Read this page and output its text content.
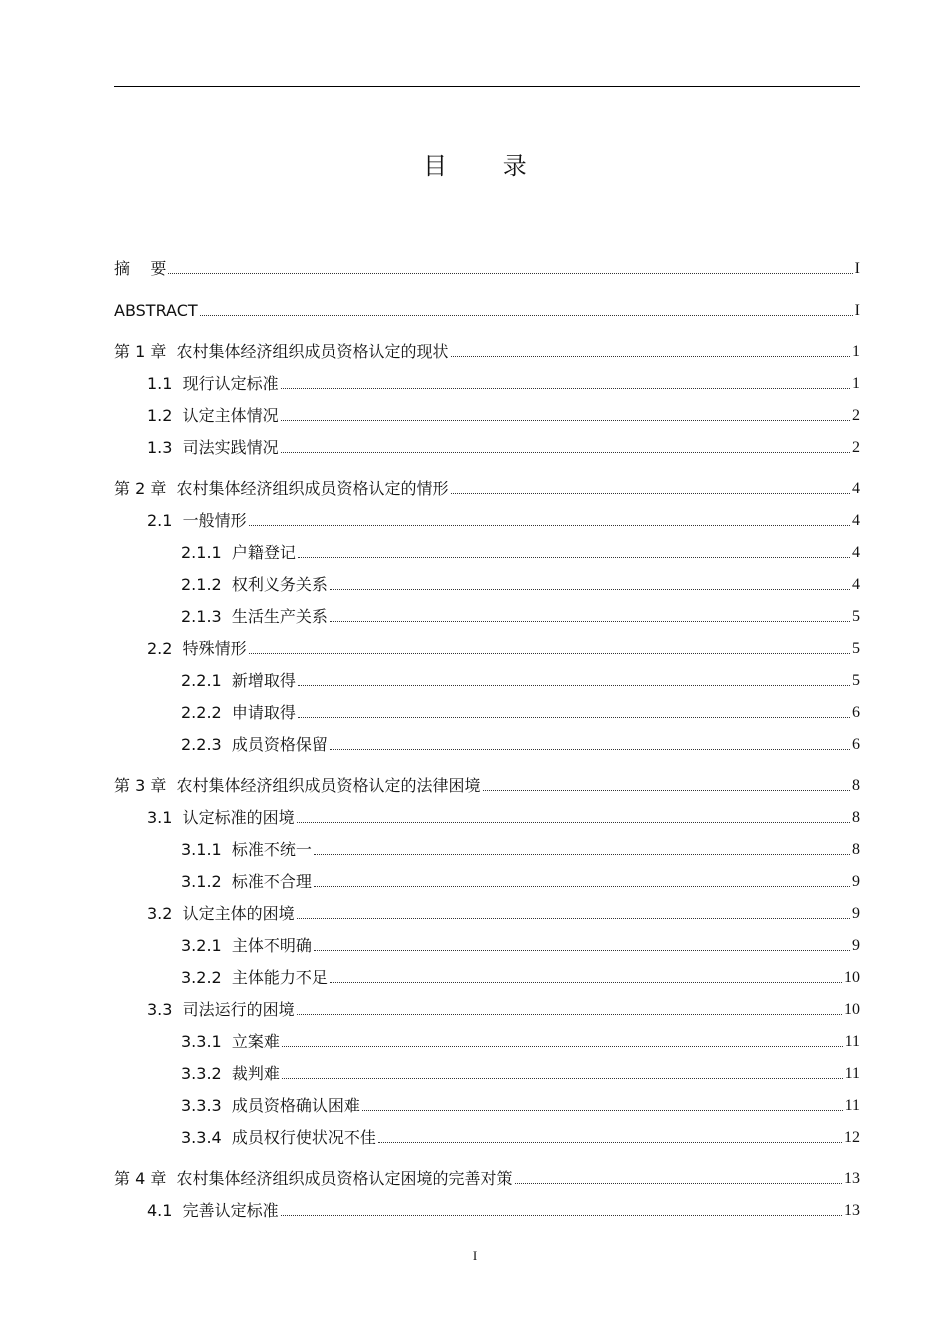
目 录
摘    要	I
ABSTRACT	I
第 1 章  农村集体经济组织成员资格认定的现状	1
1.1  现行认定标准	1
1.2  认定主体情况	2
1.3  司法实践情况	2
第 2 章  农村集体经济组织成员资格认定的情形	4
2.1  一般情形	4
2.1.1  户籍登记	4
2.1.2  权利义务关系	4
2.1.3  生活生产关系	5
2.2  特殊情形	5
2.2.1  新增取得	5
2.2.2  申请取得	6
2.2.3  成员资格保留	6
第 3 章  农村集体经济组织成员资格认定的法律困境	8
3.1  认定标准的困境	8
3.1.1  标准不统一	8
3.1.2  标准不合理	9
3.2  认定主体的困境	9
3.2.1  主体不明确	9
3.2.2  主体能力不足	10
3.3  司法运行的困境	10
3.3.1  立案难	11
3.3.2  裁判难	11
3.3.3  成员资格确认困难	11
3.3.4  成员权行使状况不佳	12
第 4 章  农村集体经济组织成员资格认定困境的完善对策	13
4.1  完善认定标准	13
I
